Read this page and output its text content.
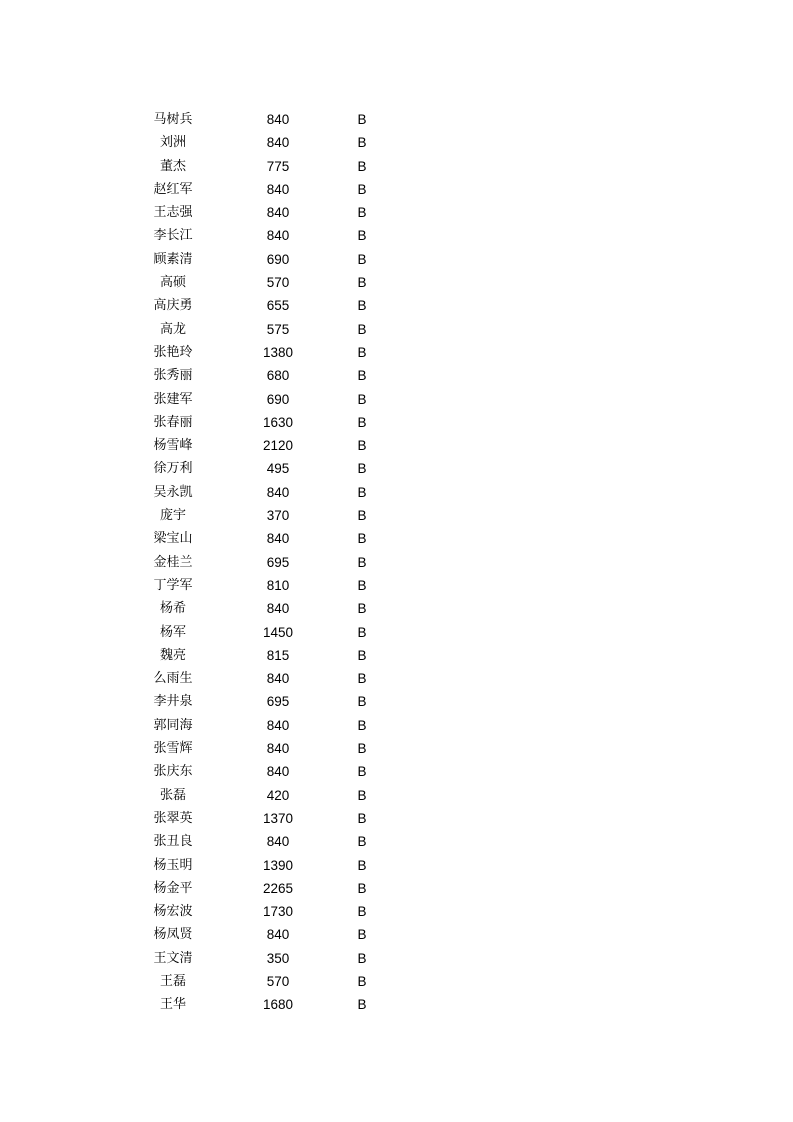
马树兵	840	B
刘洲	840	B
董杰	775	B
赵红军	840	B
王志强	840	B
李长江	840	B
顾素清	690	B
高硕	570	B
高庆勇	655	B
高龙	575	B
张艳玲	1380	B
张秀丽	680	B
张建军	690	B
张春丽	1630	B
杨雪峰	2120	B
徐万利	495	B
吴永凯	840	B
庞宇	370	B
梁宝山	840	B
金桂兰	695	B
丁学军	810	B
杨希	840	B
杨军	1450	B
魏亮	815	B
么雨生	840	B
李井泉	695	B
郭同海	840	B
张雪辉	840	B
张庆东	840	B
张磊	420	B
张翠英	1370	B
张丑良	840	B
杨玉明	1390	B
杨金平	2265	B
杨宏波	1730	B
杨凤贤	840	B
王文清	350	B
王磊	570	B
王华	1680	B
